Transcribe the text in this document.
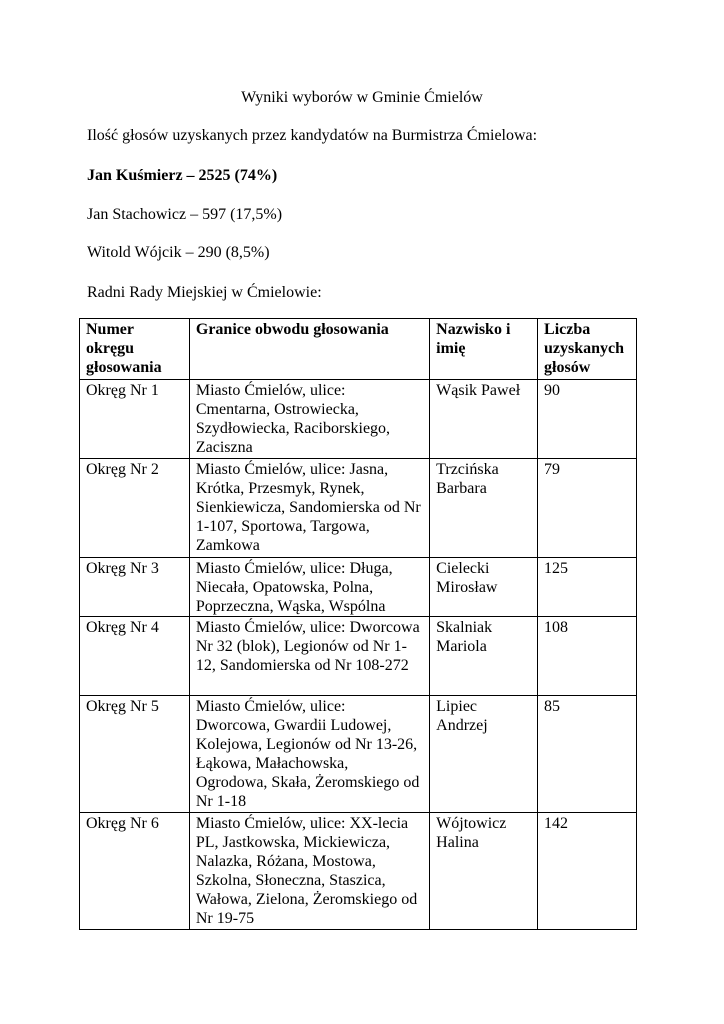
Wyniki wyborów w Gminie Ćmielów
Ilość głosów uzyskanych przez kandydatów na Burmistrza Ćmielowa:
Jan Kuśmierz – 2525 (74%)
Jan Stachowicz – 597 (17,5%)
Witold Wójcik – 290 (8,5%)
Radni Rady Miejskiej w Ćmielowie:
Numer okręgu głosowania	Granice obwodu głosowania	Nazwisko i imię	Liczba uzyskanych głosów
Okręg Nr 1	Miasto Ćmielów, ulice: Cmentarna, Ostrowiecka, Szydłowiecka, Raciborskiego, Zaciszna	Wąsik Paweł	90
Okręg Nr 2	Miasto Ćmielów, ulice: Jasna, Krótka, Przesmyk, Rynek, Sienkiewicza, Sandomierska od Nr 1-107, Sportowa, Targowa, Zamkowa	Trzcińska Barbara	79
Okręg Nr 3	Miasto Ćmielów, ulice: Długa, Niecała, Opatowska, Polna, Poprzeczna, Wąska, Wspólna	Cielecki Mirosław	125
Okręg Nr 4	Miasto Ćmielów, ulice: Dworcowa Nr 32 (blok), Legionów od Nr 1-12, Sandomierska od Nr 108-272	Skalniak Mariola	108
Okręg Nr 5	Miasto Ćmielów, ulice: Dworcowa, Gwardii Ludowej, Kolejowa, Legionów od Nr 13-26, Łąkowa, Małachowska, Ogrodowa, Skała, Żeromskiego od Nr 1-18	Lipiec Andrzej	85
Okręg Nr 6	Miasto Ćmielów, ulice: XX-lecia PL, Jastkowska, Mickiewicza, Nalazka, Różana, Mostowa, Szkolna, Słoneczna, Staszica, Wałowa, Zielona, Żeromskiego od Nr 19-75	Wójtowicz Halina	142
